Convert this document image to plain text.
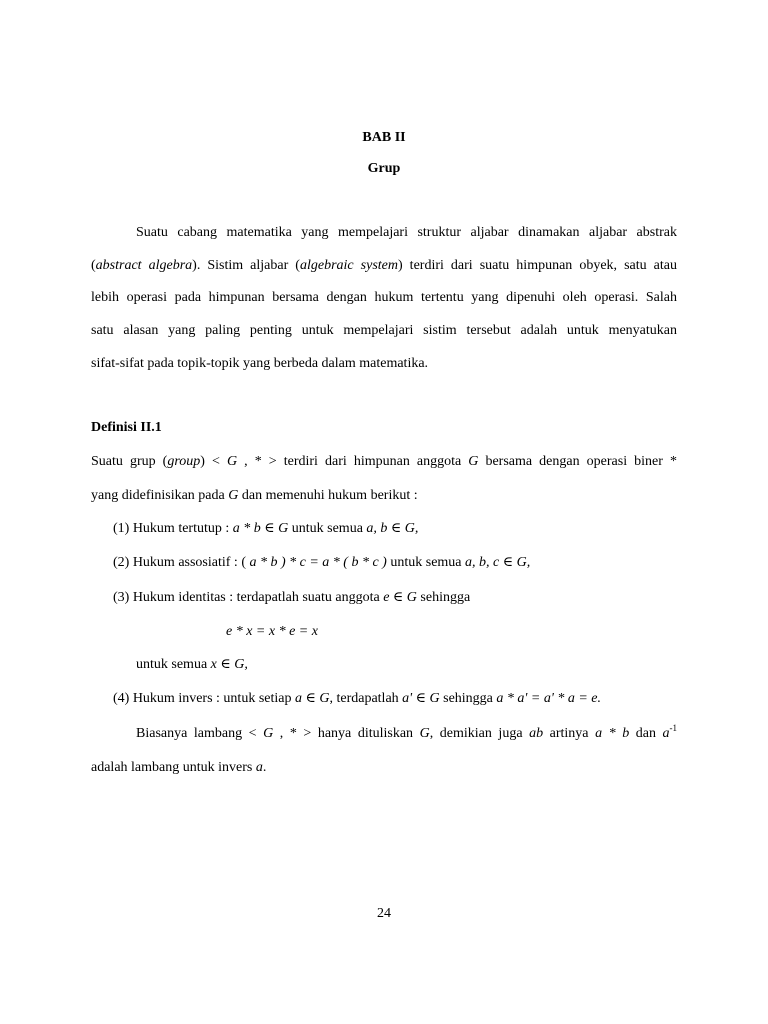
BAB II
Grup
Suatu cabang matematika yang mempelajari struktur aljabar dinamakan aljabar abstrak
(abstract algebra). Sistim aljabar (algebraic system) terdiri dari suatu himpunan obyek, satu atau
lebih operasi pada himpunan bersama dengan hukum tertentu yang dipenuhi oleh operasi. Salah
satu alasan yang paling penting untuk mempelajari sistim tersebut adalah untuk menyatukan
sifat-sifat pada topik-topik yang berbeda dalam matematika.
Definisi II.1
Suatu grup (group) < G , * > terdiri dari himpunan anggota G bersama dengan operasi biner *
yang didefinisikan pada G dan memenuhi hukum berikut :
(1) Hukum tertutup : a * b ∈ G untuk semua a, b ∈ G,
(2) Hukum assosiatif : ( a * b ) * c = a * ( b * c ) untuk semua a, b, c ∈ G,
(3) Hukum identitas : terdapatlah suatu anggota e ∈ G sehingga
e * x = x * e = x
untuk semua x ∈ G,
(4) Hukum invers : untuk setiap a ∈ G, terdapatlah a' ∈ G sehingga a * a' = a' * a = e.
Biasanya lambang < G , * > hanya dituliskan G, demikian juga ab artinya a * b dan $a^{-1}$
adalah lambang untuk invers a.
24
